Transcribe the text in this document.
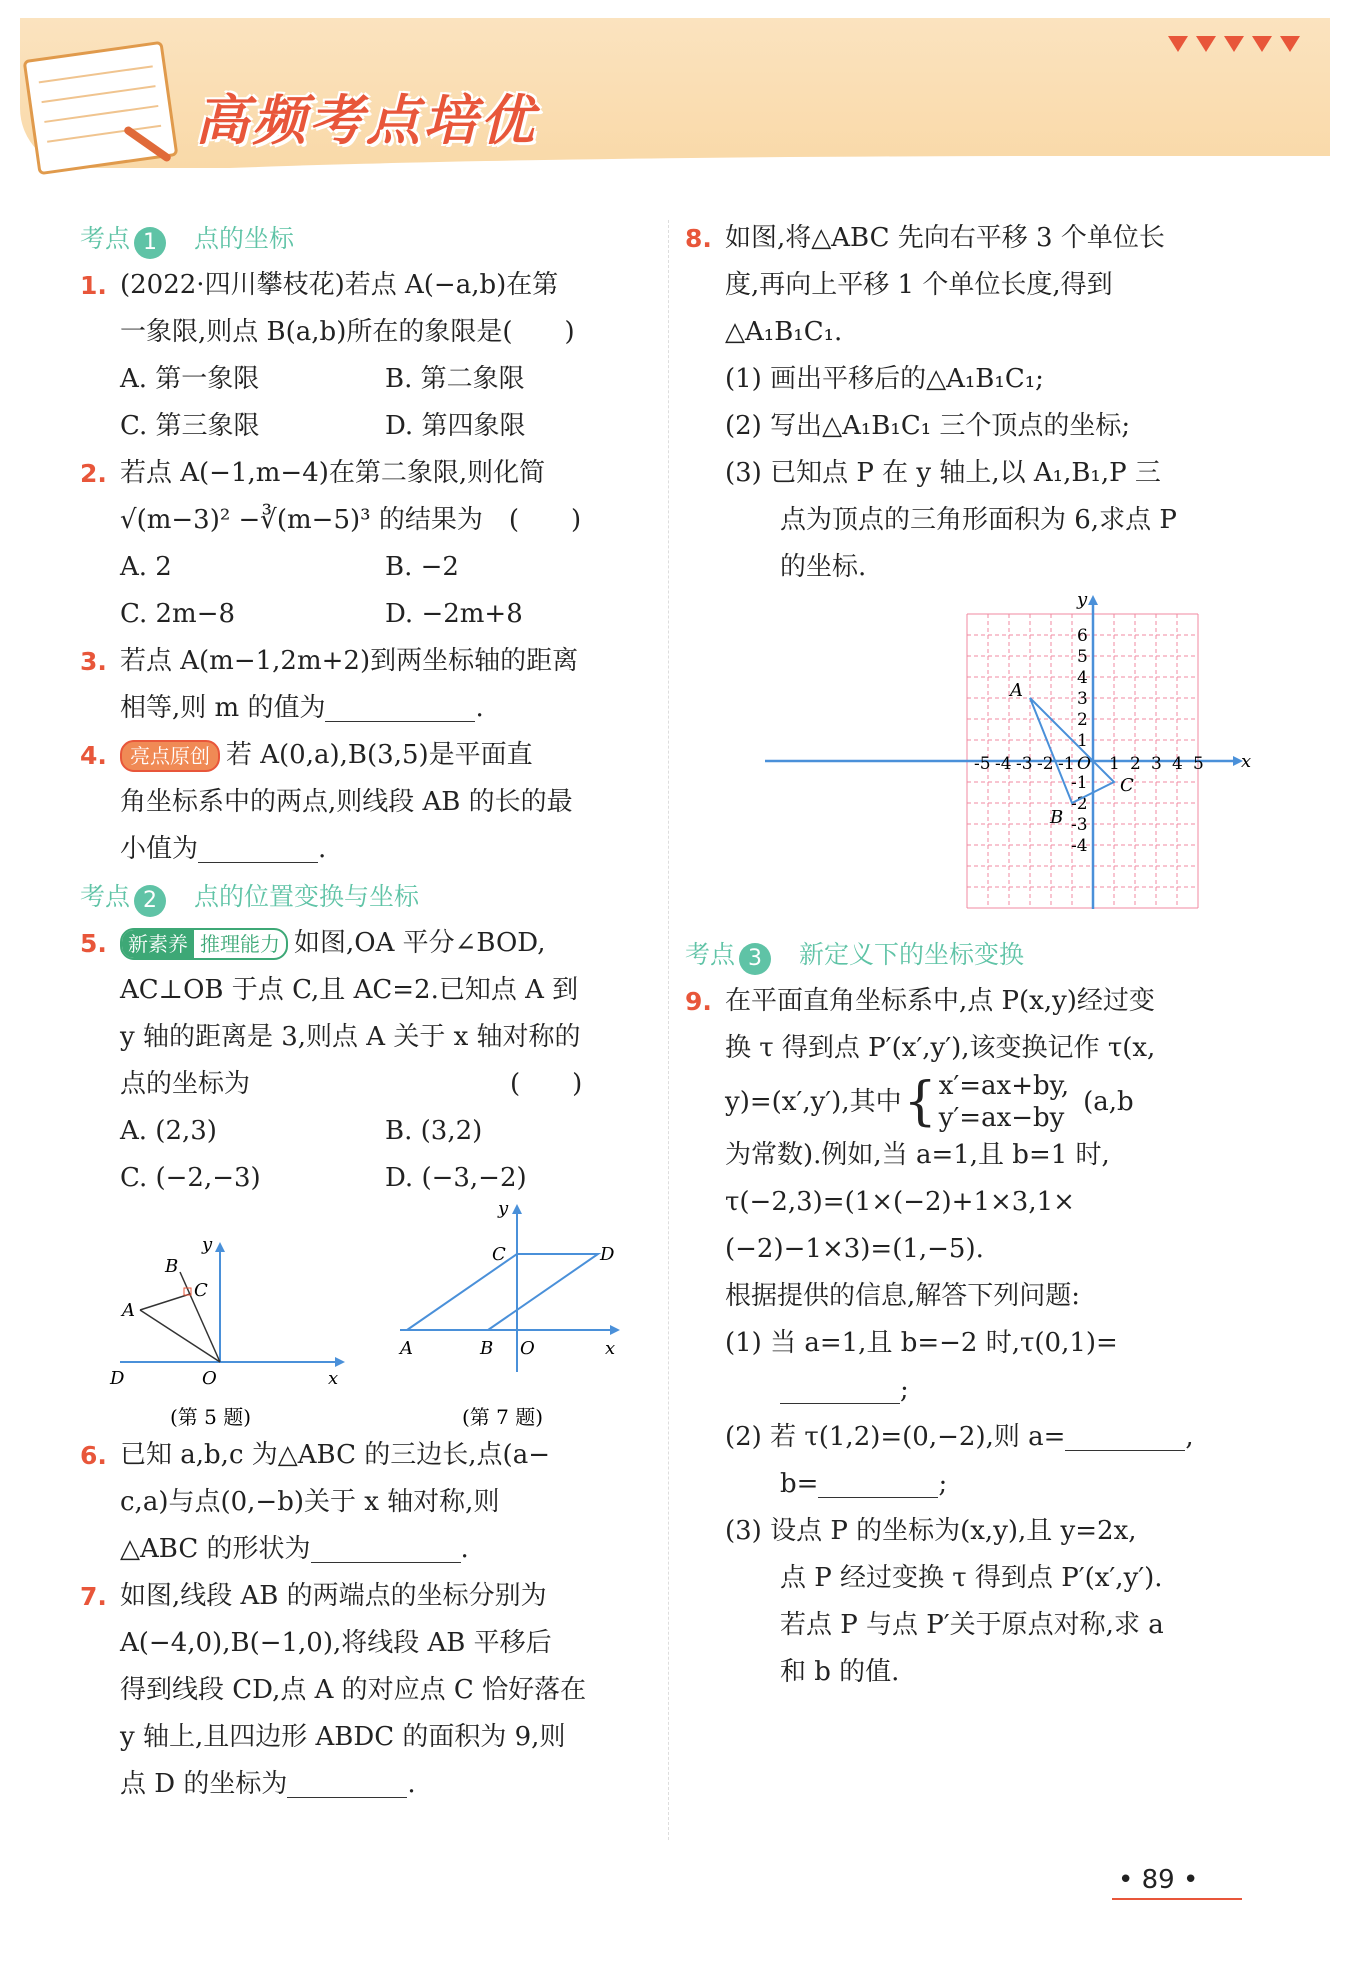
高频考点培优
考点 1 点的坐标
1. (2022·四川攀枝花)若点 A(−a,b)在第
一象限,则点 B(a,b)所在的象限是(　　)
A. 第一象限	B. 第二象限
C. 第三象限	D. 第四象限
2. 若点 A(−1,m−4)在第二象限,则化简
√(m−3)² −∛(m−5)³ 的结果为　(　　)
A. 2	B. −2
C. 2m−8	D. −2m+8
3. 若点 A(m−1,2m+2)到两坐标轴的距离
相等,则 m 的值为	.
4.	亮点原创 若 A(0,a),B(3,5)是平面直
角坐标系中的两点,则线段 AB 的长的最
小值为	.
考点 2 点的位置变换与坐标
5.	新素养 推理能力 如图,OA 平分∠BOD,
AC⊥OB 于点 C,且 AC=2.已知点 A 到
y 轴的距离是 3,则点 A 关于 x 轴对称的
点的坐标为　　　　　　　　　　(　　)
A. (2,3)	B. (3,2)
C. (−2,−3)	D. (−3,−2)
B
C
A
D	O	x
y
(第 5 题)
C	D
A	B O	x
y
(第 7 题)
6. 已知 a,b,c 为△ABC 的三边长,点(a−
c,a)与点(0,−b)关于 x 轴对称,则
△ABC 的形状为	.
7. 如图,线段 AB 的两端点的坐标分别为
A(−4,0),B(−1,0),将线段 AB 平移后
得到线段 CD,点 A 的对应点 C 恰好落在
y 轴上,且四边形 ABDC 的面积为 9,则
点 D 的坐标为	.
8. 如图,将△ABC 先向右平移 3 个单位长
度,再向上平移 1 个单位长度,得到
△A₁B₁C₁.
(1) 画出平移后的△A₁B₁C₁;
(2) 写出△A₁B₁C₁ 三个顶点的坐标;
(3) 已知点 P 在 y 轴上,以 A₁,B₁,P 三
点为顶点的三角形面积为 6,求点 P
的坐标.
-5 -4 -3 -2 -1 O 1 2 3 4 5
6
5
4
3
2
1
-1
-2
-3
-4
A
B
C
x
y
考点 3 新定义下的坐标变换
9. 在平面直角坐标系中,点 P(x,y)经过变
换 τ 得到点 P′(x′,y′),该变换记作 τ(x,
y)=(x′,y′),其中 { x′=ax+by,
y′=ax−by
(a,b
为常数).例如,当 a=1,且 b=1 时,
τ(−2,3)=(1×(−2)+1×3,1×
(−2)−1×3)=(1,−5).
根据提供的信息,解答下列问题:
(1) 当 a=1,且 b=−2 时,τ(0,1)=
;
(2) 若 τ(1,2)=(0,−2),则 a=	,
b=	;
(3) 设点 P 的坐标为(x,y),且 y=2x,
点 P 经过变换 τ 得到点 P′(x′,y′).
若点 P 与点 P′关于原点对称,求 a
和 b 的值.
• 89 •
